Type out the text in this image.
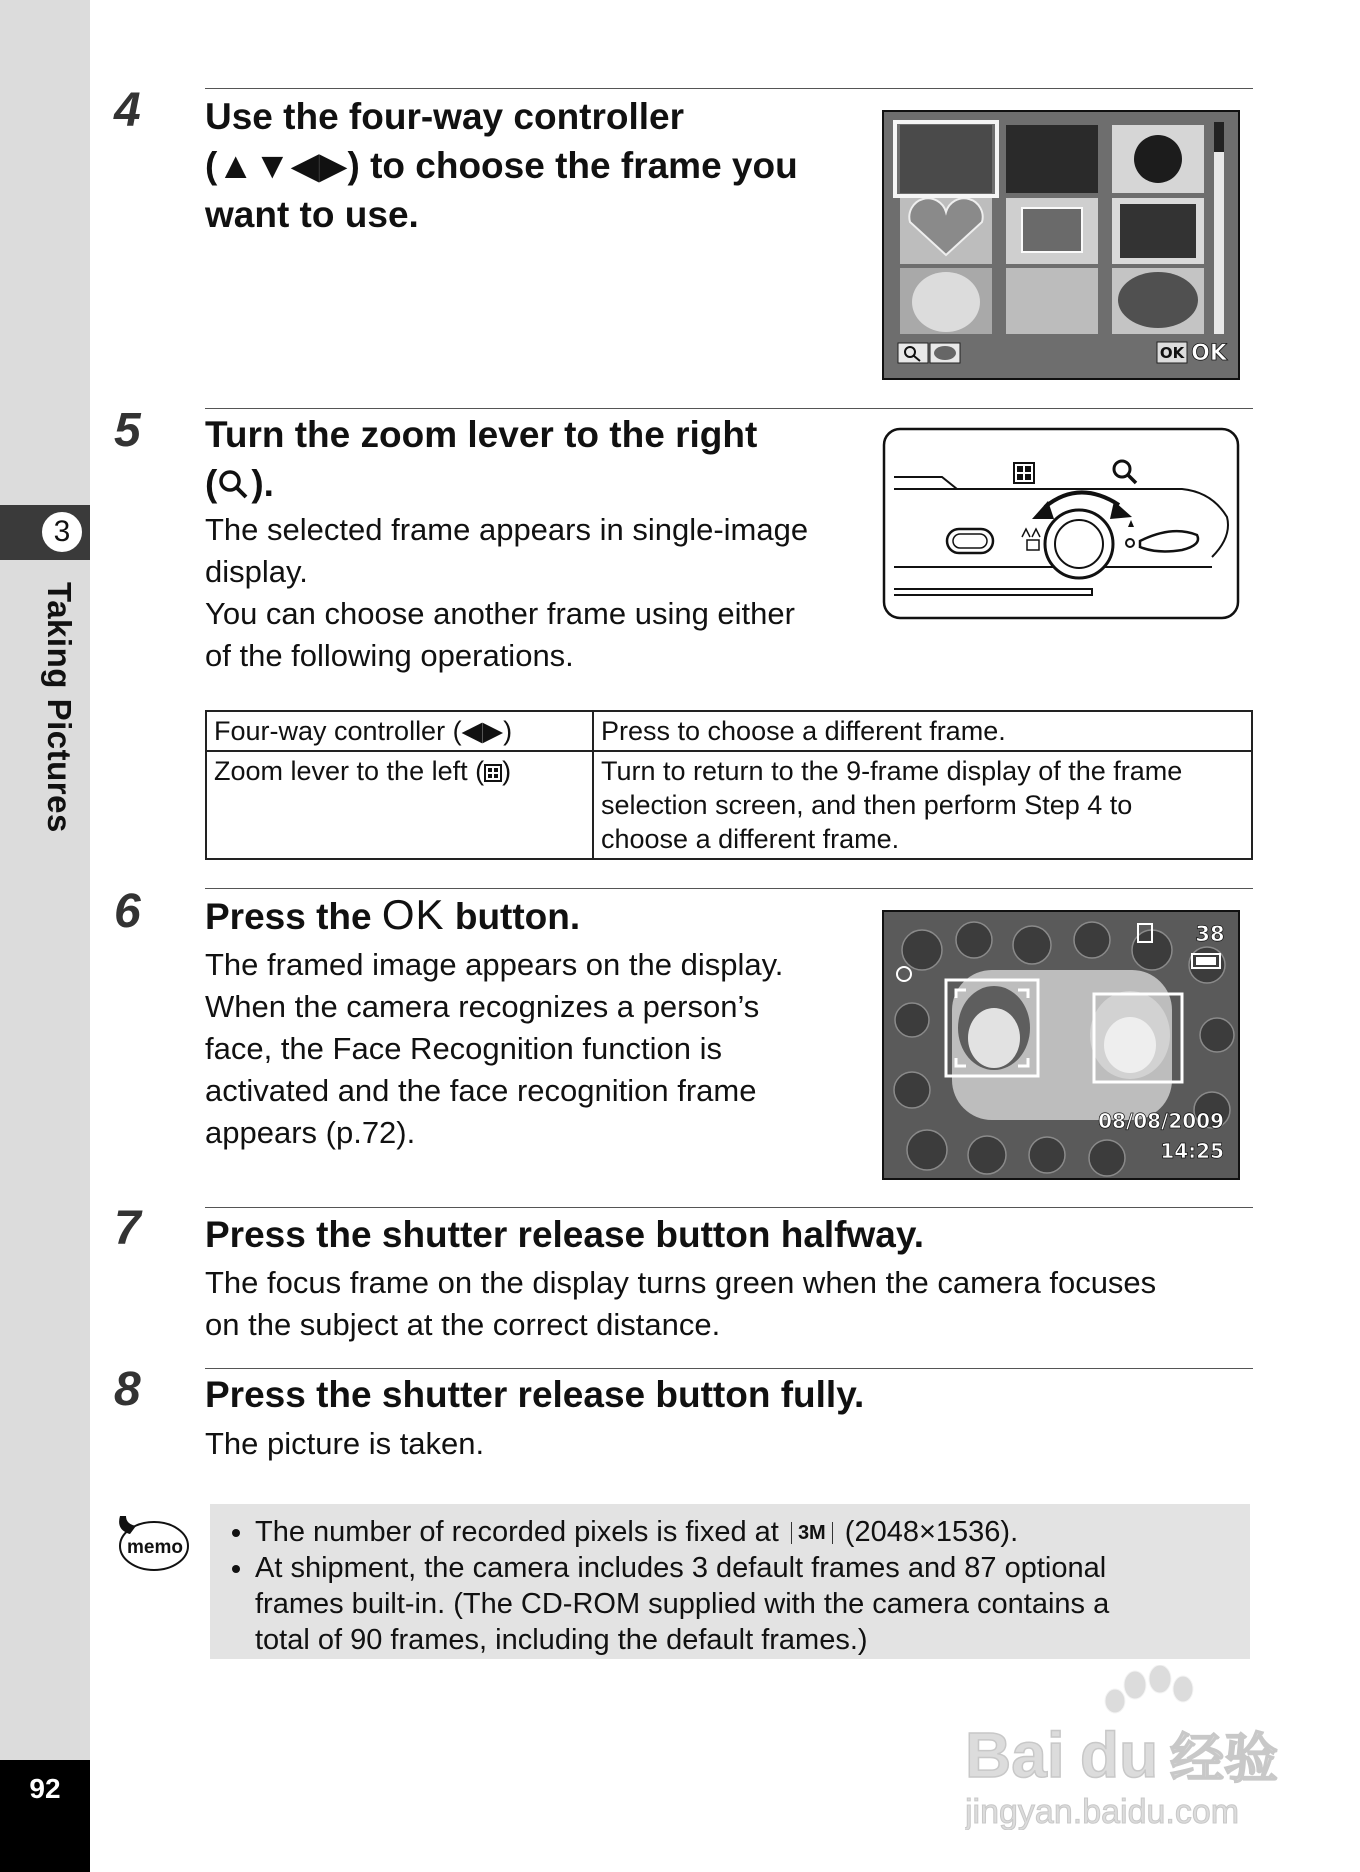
3
Taking Pictures
92
4 Use the four-way controller
(▲▼◀▶) to choose the frame you
want to use.
OK OK
5 Turn the zoom lever to the right
( ).
The selected frame appears in single-image
display.
You can choose another frame using either
of the following operations.
Four-way controller (◀▶)	Press to choose a different frame.
Zoom lever to the left ( )	Turn to return to the 9-frame display of the frame
selection screen, and then perform Step 4 to
choose a different frame.
6 Press the OK button.
The framed image appears on the display.
When the camera recognizes a person’s
face, the Face Recognition function is
activated and the face recognition frame
appears (p.72).
38
08/08/2009
14:25
7 Press the shutter release button halfway.
The focus frame on the display turns green when the camera focuses
on the subject at the correct distance.
8 Press the shutter release button fully.
The picture is taken.
memo • The number of recorded pixels is fixed at 3M (2048×1536).
• At shipment, the camera includes 3 default frames and 87 optional
frames built-in. (The CD-ROM supplied with the camera contains a
total of 90 frames, including the default frames.)
Bai du 经验
jingyan.baidu.com
